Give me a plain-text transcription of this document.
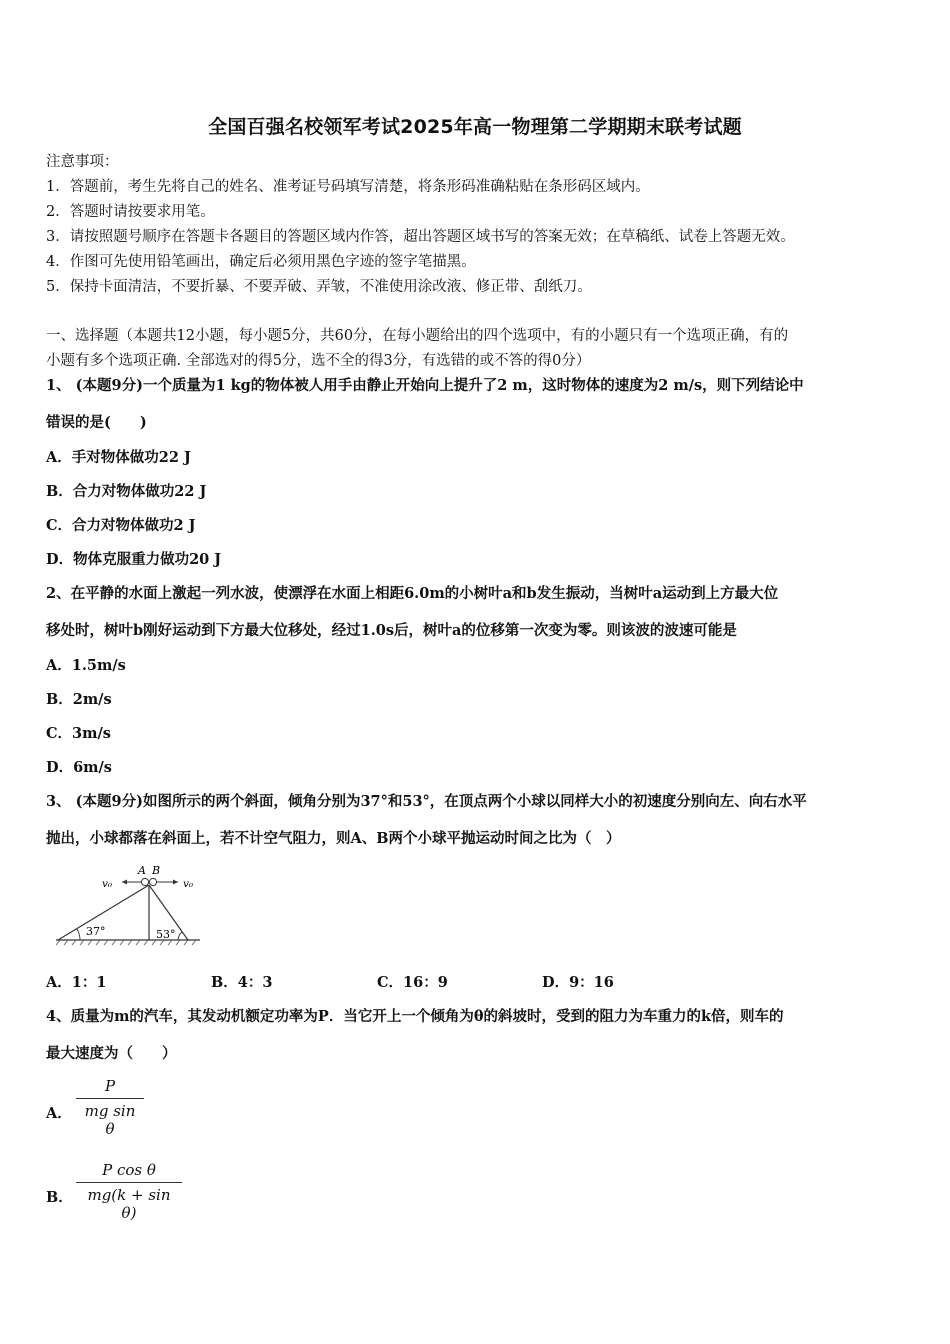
全国百强名校领军考试2025年高一物理第二学期期末联考试题
注意事项：
1．答题前，考生先将自己的姓名、准考证号码填写清楚，将条形码准确粘贴在条形码区域内。
2．答题时请按要求用笔。
3．请按照题号顺序在答题卡各题目的答题区域内作答，超出答题区域书写的答案无效；在草稿纸、试卷上答题无效。
4．作图可先使用铅笔画出，确定后必须用黑色字迹的签字笔描黑。
5．保持卡面清洁，不要折暴、不要弄破、弄皱，不准使用涂改液、修正带、刮纸刀。
一、选择题（本题共12小题，每小题5分，共60分，在每小题给出的四个选项中，有的小题只有一个选项正确，有的
小题有多个选项正确. 全部选对的得5分，选不全的得3分，有选错的或不答的得0分）
1、 (本题9分)一个质量为1 kg的物体被人用手由静止开始向上提升了2 m，这时物体的速度为2 m/s，则下列结论中
错误的是(　　)
A．手对物体做功22 J
B．合力对物体做功22 J
C．合力对物体做功2 J
D．物体克服重力做功20 J
2、在平静的水面上激起一列水波，使漂浮在水面上相距6.0m的小树叶a和b发生振动，当树叶a运动到上方最大位
移处时，树叶b刚好运动到下方最大位移处，经过1.0s后，树叶a的位移第一次变为零。则该波的波速可能是
A．1.5m/s
B．2m/s
C．3m/s
D．6m/s
3、 (本题9分)如图所示的两个斜面，倾角分别为37°和53°，在顶点两个小球以同样大小的初速度分别向左、向右水平
抛出，小球都落在斜面上，若不计空气阻力，则A、B两个小球平抛运动时间之比为（　）
A B
v₀	v₀
37°	53°
A．1：1	B．4：3	C．16：9	D．9：16
4、质量为m的汽车，其发动机额定功率为P．当它开上一个倾角为θ的斜坡时，受到的阻力为车重力的k倍，则车的
最大速度为（　　）
A．
P
mg sin θ
B．
P cos θ
mg(k + sin θ)
